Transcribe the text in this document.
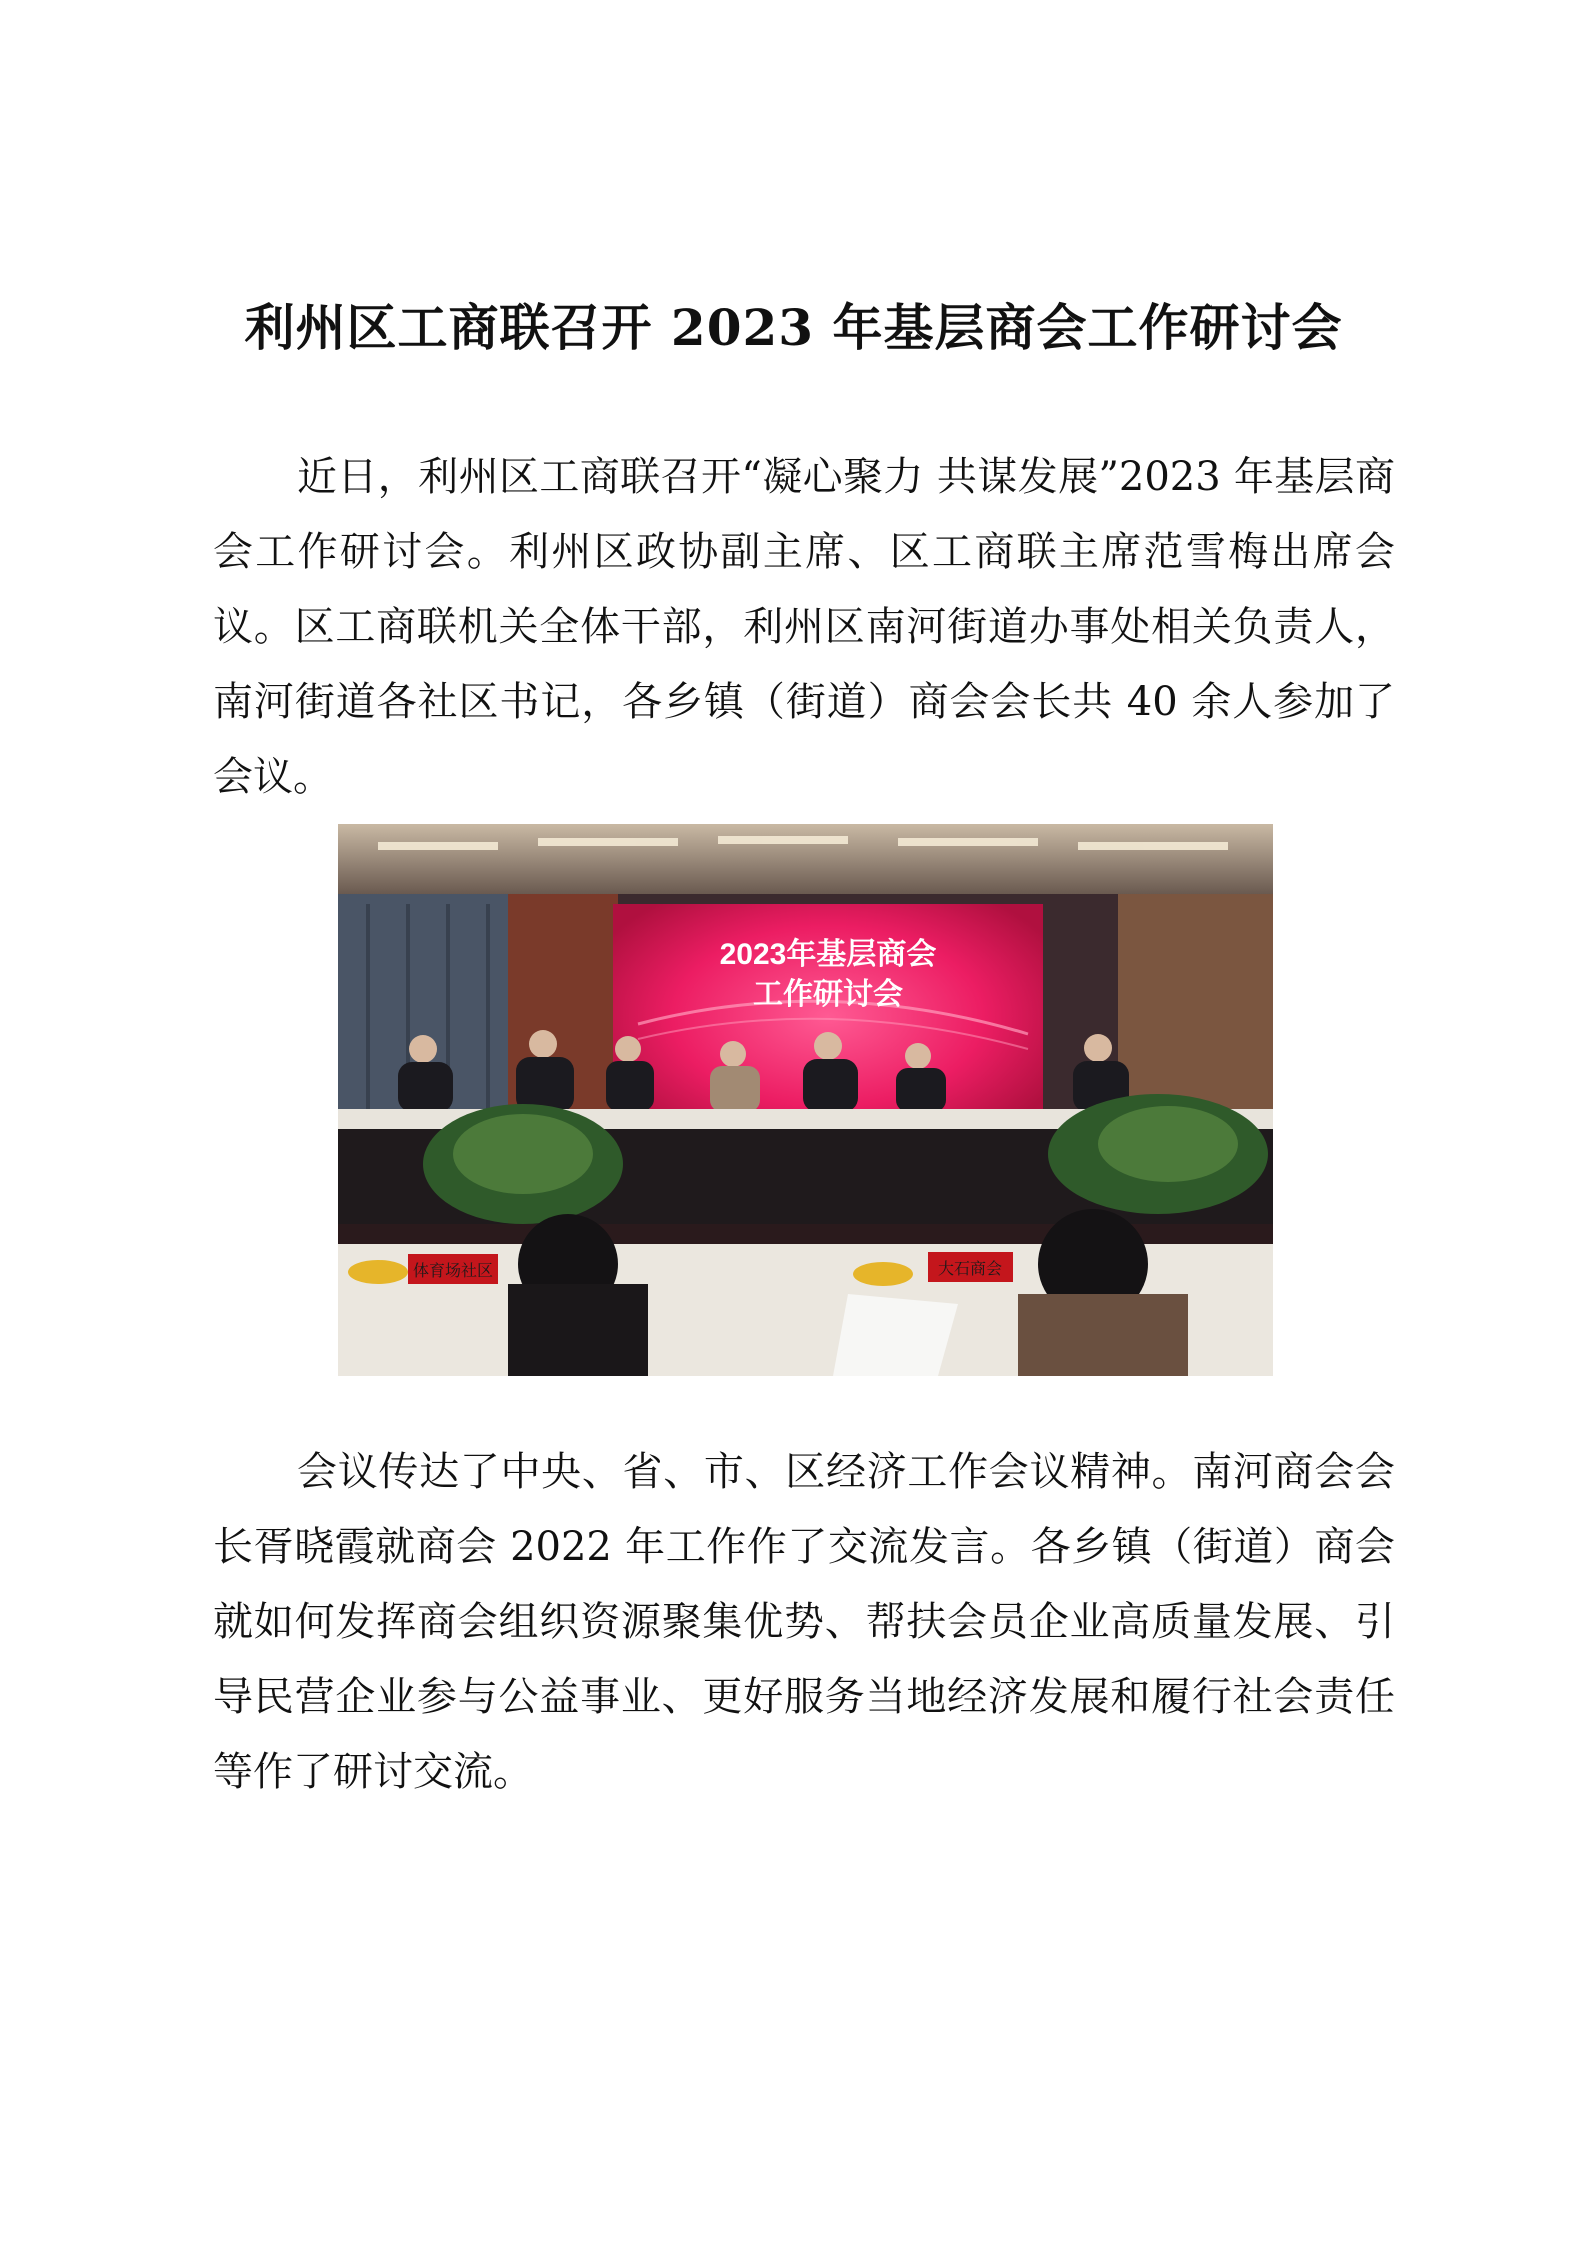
利州区工商联召开 2023 年基层商会工作研讨会

近日，利州区工商联召开“凝心聚力 共谋发展”2023 年基层商会工作研讨会。利州区政协副主席、区工商联主席范雪梅出席会议。区工商联机关全体干部，利州区南河街道办事处相关负责人，南河街道各社区书记，各乡镇（街道）商会会长共 40 余人参加了会议。

2023年基层商会
工作研讨会
体育场社区	大石商会

会议传达了中央、省、市、区经济工作会议精神。南河商会会长胥晓霞就商会 2022 年工作作了交流发言。各乡镇（街道）商会就如何发挥商会组织资源聚集优势、帮扶会员企业高质量发展、引导民营企业参与公益事业、更好服务当地经济发展和履行社会责任等作了研讨交流。
